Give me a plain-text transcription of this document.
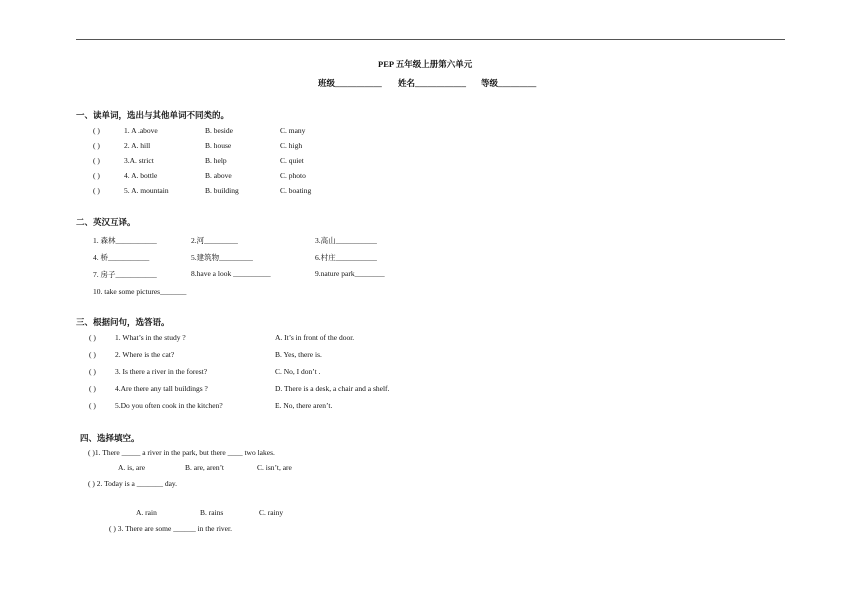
PEP 五年级上册第六单元
班级___________ 姓名____________ 等级_________
一、读单词，选出与其他单词不同类的。
( )	1. A .above	B. beside	C. many
( )	2. A. hill	B. house	C. high
( )	3.A. strict	B. help	C. quiet
( )	4. A. bottle	B. above	C. photo
( )	5. A. mountain	B. building	C. boating
二、英汉互译。
1. 森林___________	2.河_________	3.高山___________
4. 桥___________	5.建筑物_________	6.村庄___________
7. 房子___________	8.have a look __________	9.nature park________
10. take some pictures_______
三、根据问句，选答语。
( )	1. What’s in the study ?	A. It’s in front of the door.
( )	2. Where is the cat?	B. Yes, there is.
( )	3. Is there a river in the forest?	C. No, I don’t .
( )	4.Are there any tall buildings ?	D. There is a desk, a chair and a shelf.
( )	5.Do you often cook in the kitchen?	E. No, there aren’t.
四、选择填空。
( )1. There _____ a river in the park, but there ____ two lakes.
A. is, are	B. are, aren’t	C. isn’t, are
( ) 2. Today is a _______ day.
A. rain	B. rains	C. rainy
( ) 3. There are some ______ in the river.
